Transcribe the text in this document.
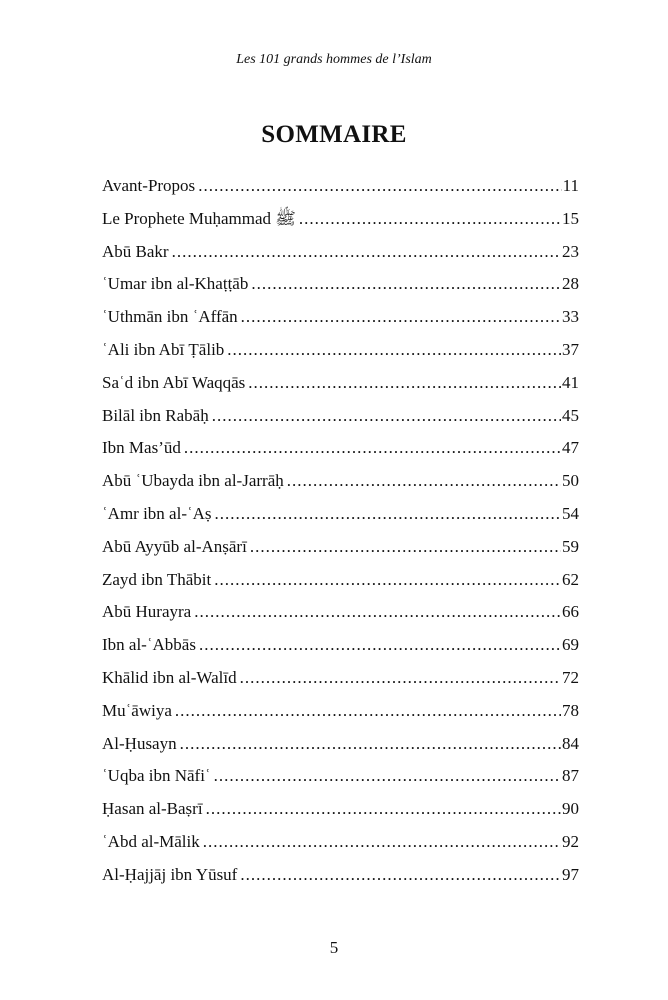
Les 101 grands hommes de l’Islam
SOMMAIRE
Avant-Propos .....	11
Le Prophete Muḥammad ﷺ .....	15
Abū Bakr .....	23
ʿUmar ibn al-Khaṭṭāb .....	28
ʿUthmān ibn ʿAffān .....	33
ʿAli ibn Abī Ṭālib .....	37
Saʿd ibn Abī Waqqās .....	41
Bilāl ibn Rabāḥ .....	45
Ibn Mas’ūd .....	47
Abū ʿUbayda ibn al-Jarrāḥ .....	50
ʿAmr ibn al-ʿAṣ .....	54
Abū Ayyūb al-Anṣārī .....	59
Zayd ibn Thābit .....	62
Abū Hurayra .....	66
Ibn al-ʿAbbās .....	69
Khālid ibn al-Walīd .....	72
Muʿāwiya .....	78
Al-Ḥusayn .....	84
ʿUqba ibn Nāfiʿ .....	87
Ḥasan al-Baṣrī .....	90
ʿAbd al-Mālik .....	92
Al-Ḥajjāj ibn Yūsuf .....	97
5
